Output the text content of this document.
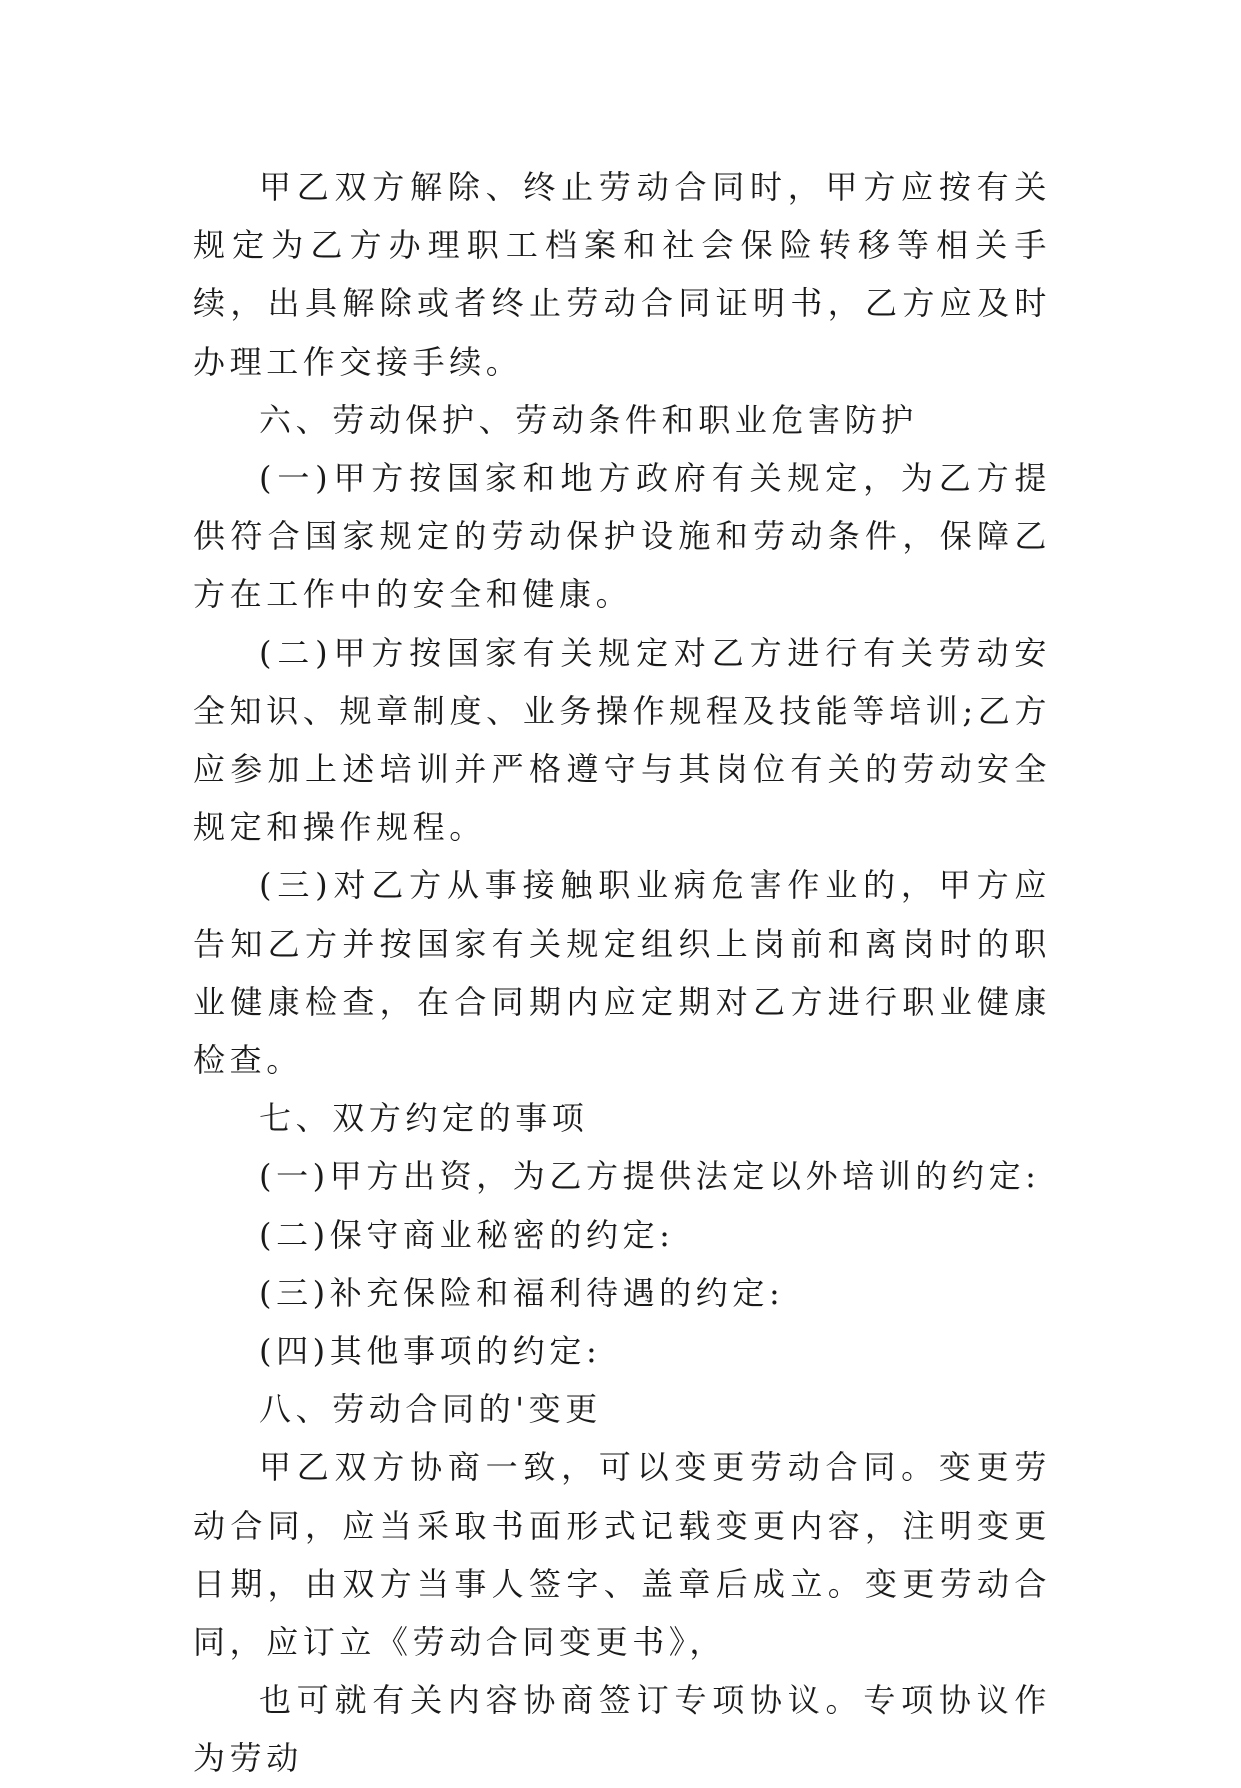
甲乙双方解除、终止劳动合同时，甲方应按有关规定为乙方办理职工档案和社会保险转移等相关手续，出具解除或者终止劳动合同证明书，乙方应及时办理工作交接手续。

六、劳动保护、劳动条件和职业危害防护

(一)甲方按国家和地方政府有关规定，为乙方提供符合国家规定的劳动保护设施和劳动条件，保障乙方在工作中的安全和健康。

(二)甲方按国家有关规定对乙方进行有关劳动安全知识、规章制度、业务操作规程及技能等培训;乙方应参加上述培训并严格遵守与其岗位有关的劳动安全规定和操作规程。

(三)对乙方从事接触职业病危害作业的，甲方应告知乙方并按国家有关规定组织上岗前和离岗时的职业健康检查，在合同期内应定期对乙方进行职业健康检查。

七、双方约定的事项

(一)甲方出资，为乙方提供法定以外培训的约定:

(二)保守商业秘密的约定:

(三)补充保险和福利待遇的约定:

(四)其他事项的约定:

八、劳动合同的'变更

甲乙双方协商一致，可以变更劳动合同。变更劳动合同，应当采取书面形式记载变更内容，注明变更日期，由双方当事人签字、盖章后成立。变更劳动合同，应订立《劳动合同变更书》，

也可就有关内容协商签订专项协议。专项协议作为劳动
